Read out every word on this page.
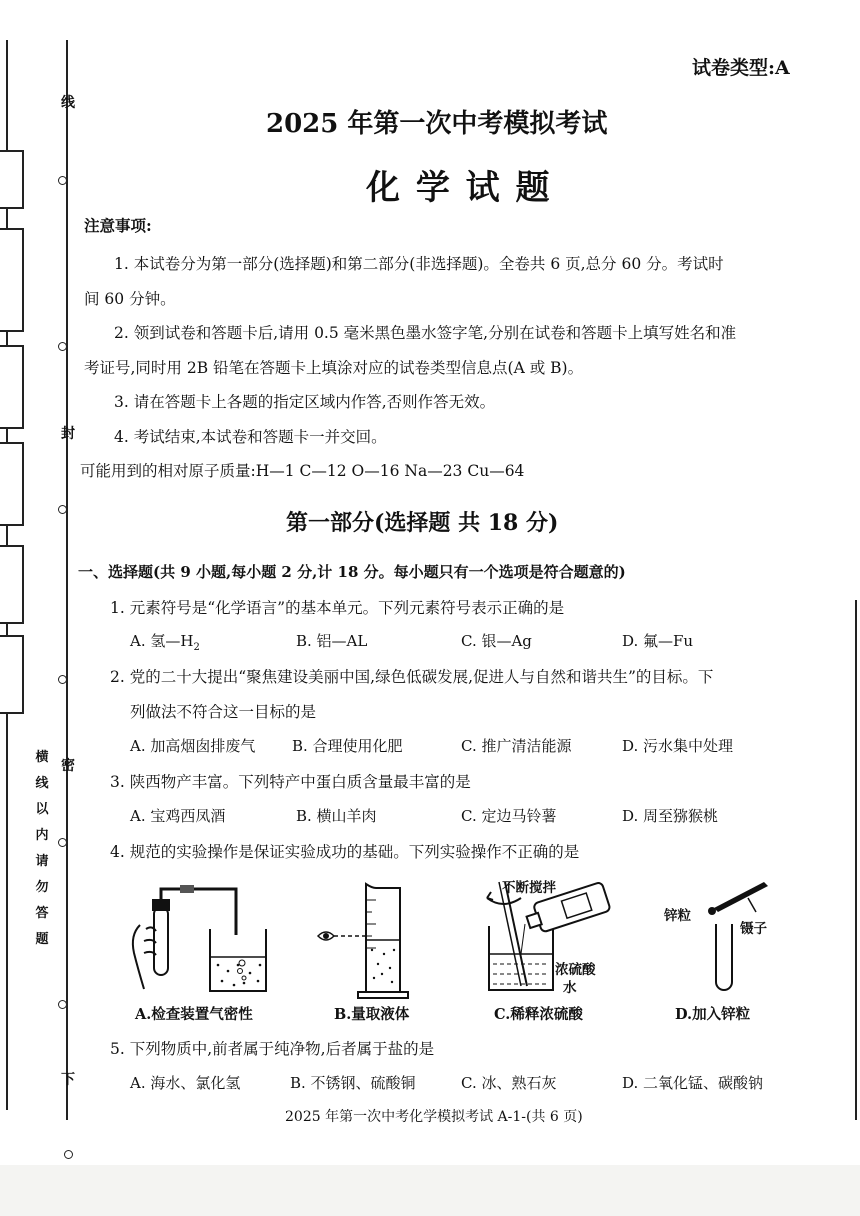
线
封
密
横线以内请勿答题
下
试卷类型:A
2025 年第一次中考模拟考试
化 学 试 题
注意事项:
1. 本试卷分为第一部分(选择题)和第二部分(非选择题)。全卷共 6 页,总分 60 分。考试时
间 60 分钟。
2. 领到试卷和答题卡后,请用 0.5 毫米黑色墨水签字笔,分别在试卷和答题卡上填写姓名和准
考证号,同时用 2B 铅笔在答题卡上填涂对应的试卷类型信息点(A 或 B)。
3. 请在答题卡上各题的指定区域内作答,否则作答无效。
4. 考试结束,本试卷和答题卡一并交回。
可能用到的相对原子质量:H—1 C—12 O—16 Na—23 Cu—64
第一部分(选择题 共 18 分)
一、选择题(共 9 小题,每小题 2 分,计 18 分。每小题只有一个选项是符合题意的)
1. 元素符号是“化学语言”的基本单元。下列元素符号表示正确的是
A. 氢$—H_2$	B. 铝—AL	C. 银—Ag	D. 氟—Fu
2. 党的二十大提出“聚焦建设美丽中国,绿色低碳发展,促进人与自然和谐共生”的目标。下
列做法不符合这一目标的是
A. 加高烟囱排废气 B. 合理使用化肥	C. 推广清洁能源	D. 污水集中处理
3. 陕西物产丰富。下列特产中蛋白质含量最丰富的是
A. 宝鸡西凤酒	B. 横山羊肉	C. 定边马铃薯	D. 周至猕猴桃
4. 规范的实验操作是保证实验成功的基础。下列实验操作不正确的是
A.检查装置气密性	B.量取液体
不断搅拌
浓硫酸
水
C.稀释浓硫酸
锌粒
镊子
D.加入锌粒
5. 下列物质中,前者属于纯净物,后者属于盐的是
A. 海水、氯化氢	B. 不锈钢、硫酸铜	C. 冰、熟石灰	D. 二氧化锰、碳酸钠
2025 年第一次中考化学模拟考试 A-1-(共 6 页)
